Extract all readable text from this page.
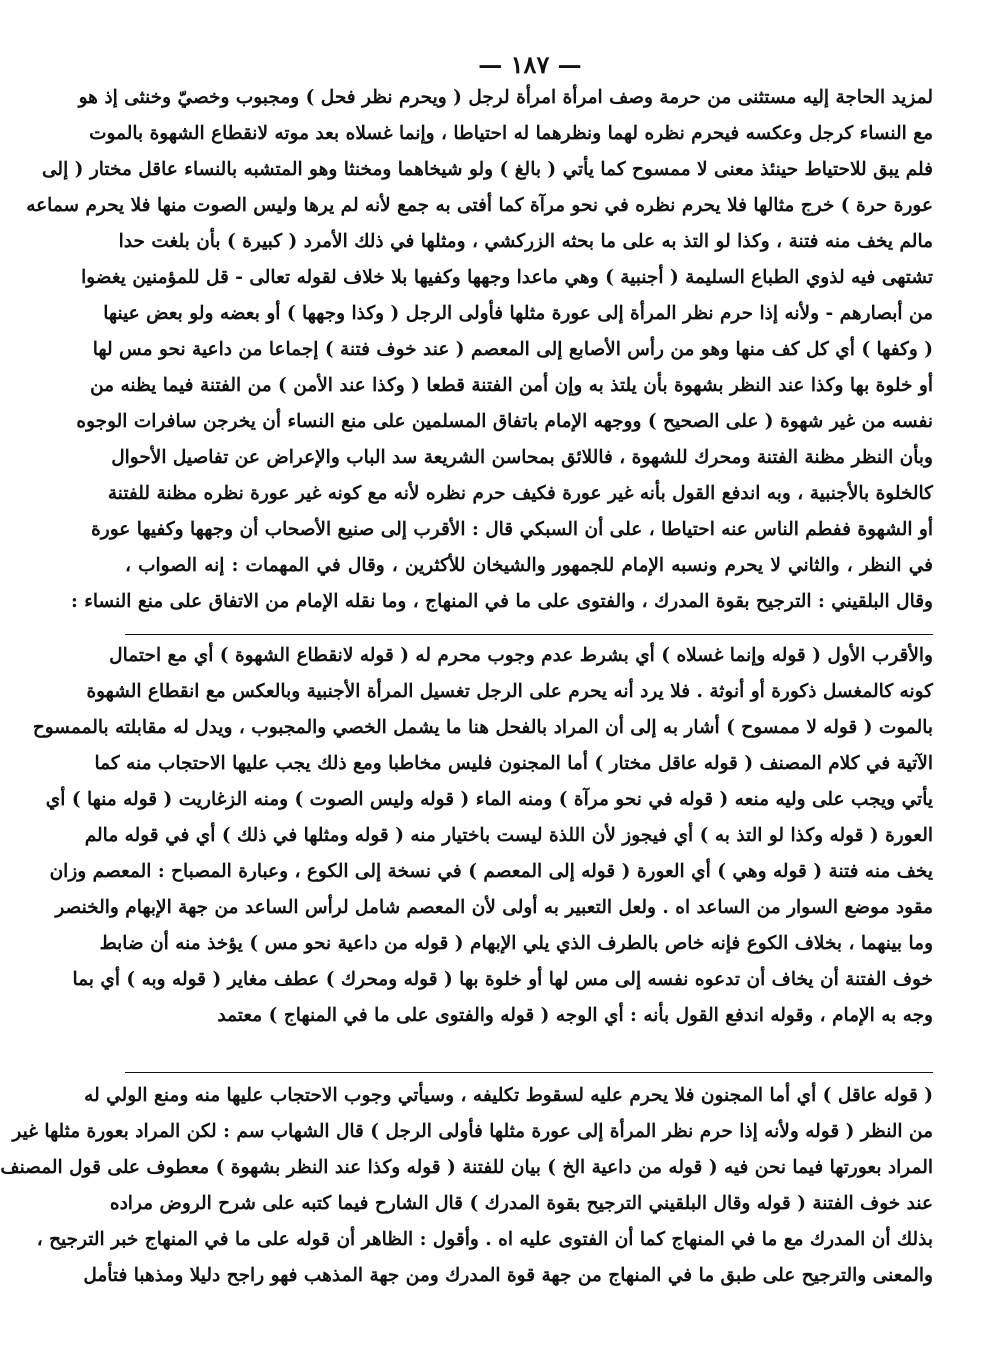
— ١٨٧ —
لمزيد الحاجة إليه مستثنى من حرمة وصف امرأة امرأة لرجل ( ويحرم نظر فحل ) ومجبوب وخصيّ وخنثى إذ هو
مع النساء كرجل وعكسه فيحرم نظره لهما ونظرهما له احتياطا ، وإنما غسلاه بعد موته لانقطاع الشهوة بالموت
فلم يبق للاحتياط حينئذ معنى لا ممسوح كما يأتي ( بالغ ) ولو شيخاهما ومخنثا وهو المتشبه بالنساء عاقل مختار ( إلى
عورة حرة ) خرج مثالها فلا يحرم نظره في نحو مرآة كما أفتى به جمع لأنه لم يرها وليس الصوت منها فلا يحرم سماعه
مالم يخف منه فتنة ، وكذا لو التذ به على ما بحثه الزركشي ، ومثلها في ذلك الأمرد ( كبيرة ) بأن بلغت حدا
تشتهى فيه لذوي الطباع السليمة ( أجنبية ) وهي ماعدا وجهها وكفيها بلا خلاف لقوله تعالى - قل للمؤمنين يغضوا
من أبصارهم - ولأنه إذا حرم نظر المرأة إلى عورة مثلها فأولى الرجل ( وكذا وجهها ) أو بعضه ولو بعض عينها
( وكفها ) أي كل كف منها وهو من رأس الأصابع إلى المعصم ( عند خوف فتنة ) إجماعا من داعية نحو مس لها
أو خلوة بها وكذا عند النظر بشهوة بأن يلتذ به وإن أمن الفتنة قطعا ( وكذا عند الأمن ) من الفتنة فيما يظنه من
نفسه من غير شهوة ( على الصحيح ) ووجهه الإمام باتفاق المسلمين على منع النساء أن يخرجن سافرات الوجوه
وبأن النظر مظنة الفتنة ومحرك للشهوة ، فاللائق بمحاسن الشريعة سد الباب والإعراض عن تفاصيل الأحوال
كالخلوة بالأجنبية ، وبه اندفع القول بأنه غير عورة فكيف حرم نظره لأنه مع كونه غير عورة نظره مظنة للفتنة
أو الشهوة ففطم الناس عنه احتياطا ، على أن السبكي قال : الأقرب إلى صنيع الأصحاب أن وجهها وكفيها عورة
في النظر ، والثاني لا يحرم ونسبه الإمام للجمهور والشيخان للأكثرين ، وقال في المهمات : إنه الصواب ،
وقال البلقيني : الترجيح بقوة المدرك ، والفتوى على ما في المنهاج ، وما نقله الإمام من الاتفاق على منع النساء :
والأقرب الأول ( قوله وإنما غسلاه ) أي بشرط عدم وجوب محرم له ( قوله لانقطاع الشهوة ) أي مع احتمال
كونه كالمغسل ذكورة أو أنوثة . فلا يرد أنه يحرم على الرجل تغسيل المرأة الأجنبية وبالعكس مع انقطاع الشهوة
بالموت ( قوله لا ممسوح ) أشار به إلى أن المراد بالفحل هنا ما يشمل الخصي والمجبوب ، ويدل له مقابلته بالممسوح
الآتية في كلام المصنف ( قوله عاقل مختار ) أما المجنون فليس مخاطبا ومع ذلك يجب عليها الاحتجاب منه كما
يأتي ويجب على وليه منعه ( قوله في نحو مرآة ) ومنه الماء ( قوله وليس الصوت ) ومنه الزغاريت ( قوله منها ) أي
العورة ( قوله وكذا لو التذ به ) أي فيجوز لأن اللذة ليست باختيار منه ( قوله ومثلها في ذلك ) أي في قوله مالم
يخف منه فتنة ( قوله وهي ) أي العورة ( قوله إلى المعصم ) في نسخة إلى الكوع ، وعبارة المصباح : المعصم وزان
مقود موضع السوار من الساعد اه . ولعل التعبير به أولى لأن المعصم شامل لرأس الساعد من جهة الإبهام والخنصر
وما بينهما ، بخلاف الكوع فإنه خاص بالطرف الذي يلي الإبهام ( قوله من داعية نحو مس ) يؤخذ منه أن ضابط
خوف الفتنة أن يخاف أن تدعوه نفسه إلى مس لها أو خلوة بها ( قوله ومحرك ) عطف مغاير ( قوله وبه ) أي بما
وجه به الإمام ، وقوله اندفع القول بأنه : أي الوجه ( قوله والفتوى على ما في المنهاج ) معتمد
( قوله عاقل ) أي أما المجنون فلا يحرم عليه لسقوط تكليفه ، وسيأتي وجوب الاحتجاب عليها منه ومنع الولي له
من النظر ( قوله ولأنه إذا حرم نظر المرأة إلى عورة مثلها فأولى الرجل ) قال الشهاب سم : لكن المراد بعورة مثلها غير
المراد بعورتها فيما نحن فيه ( قوله من داعية الخ ) بيان للفتنة ( قوله وكذا عند النظر بشهوة ) معطوف على قول المصنف
عند خوف الفتنة ( قوله وقال البلقيني الترجيح بقوة المدرك ) قال الشارح فيما كتبه على شرح الروض مراده
بذلك أن المدرك مع ما في المنهاج كما أن الفتوى عليه اه . وأقول : الظاهر أن قوله على ما في المنهاج خبر الترجيح ،
والمعنى والترجيح على طبق ما في المنهاج من جهة قوة المدرك ومن جهة المذهب فهو راجح دليلا ومذهبا فتأمل
